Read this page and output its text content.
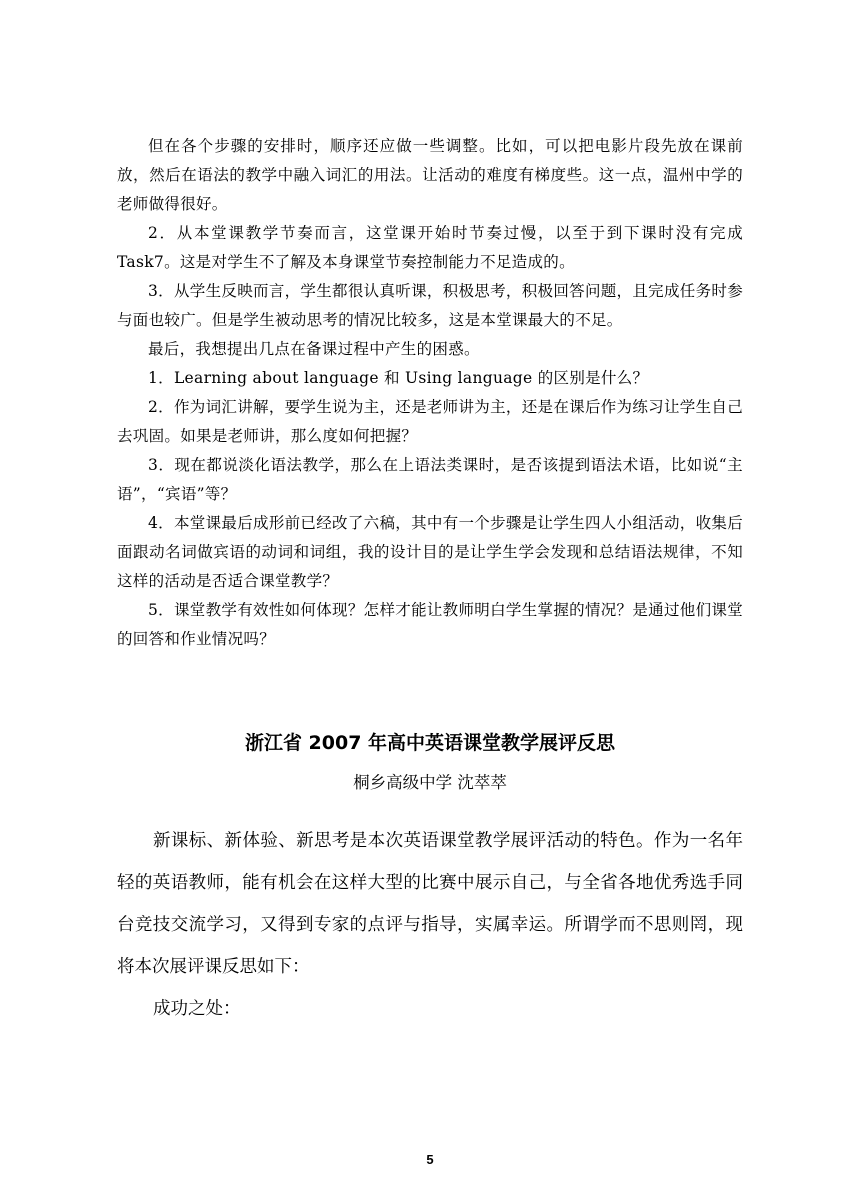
但在各个步骤的安排时，顺序还应做一些调整。比如，可以把电影片段先放在课前放，然后在语法的教学中融入词汇的用法。让活动的难度有梯度些。这一点，温州中学的老师做得很好。

2．从本堂课教学节奏而言，这堂课开始时节奏过慢，以至于到下课时没有完成Task7。这是对学生不了解及本身课堂节奏控制能力不足造成的。

3．从学生反映而言，学生都很认真听课，积极思考，积极回答问题，且完成任务时参与面也较广。但是学生被动思考的情况比较多，这是本堂课最大的不足。

最后，我想提出几点在备课过程中产生的困惑。

1．Learning about language 和 Using language 的区别是什么？

2．作为词汇讲解，要学生说为主，还是老师讲为主，还是在课后作为练习让学生自己去巩固。如果是老师讲，那么度如何把握？

3．现在都说淡化语法教学，那么在上语法类课时，是否该提到语法术语，比如说“主语”，“宾语”等？

4．本堂课最后成形前已经改了六稿，其中有一个步骤是让学生四人小组活动，收集后面跟动名词做宾语的动词和词组，我的设计目的是让学生学会发现和总结语法规律，不知这样的活动是否适合课堂教学？

5．课堂教学有效性如何体现？怎样才能让教师明白学生掌握的情况？是通过他们课堂的回答和作业情况吗？

浙江省 2007 年高中英语课堂教学展评反思
桐乡高级中学 沈萃萃

新课标、新体验、新思考是本次英语课堂教学展评活动的特色。作为一名年轻的英语教师，能有机会在这样大型的比赛中展示自己，与全省各地优秀选手同台竞技交流学习，又得到专家的点评与指导，实属幸运。所谓学而不思则罔，现将本次展评课反思如下：

成功之处：

5
